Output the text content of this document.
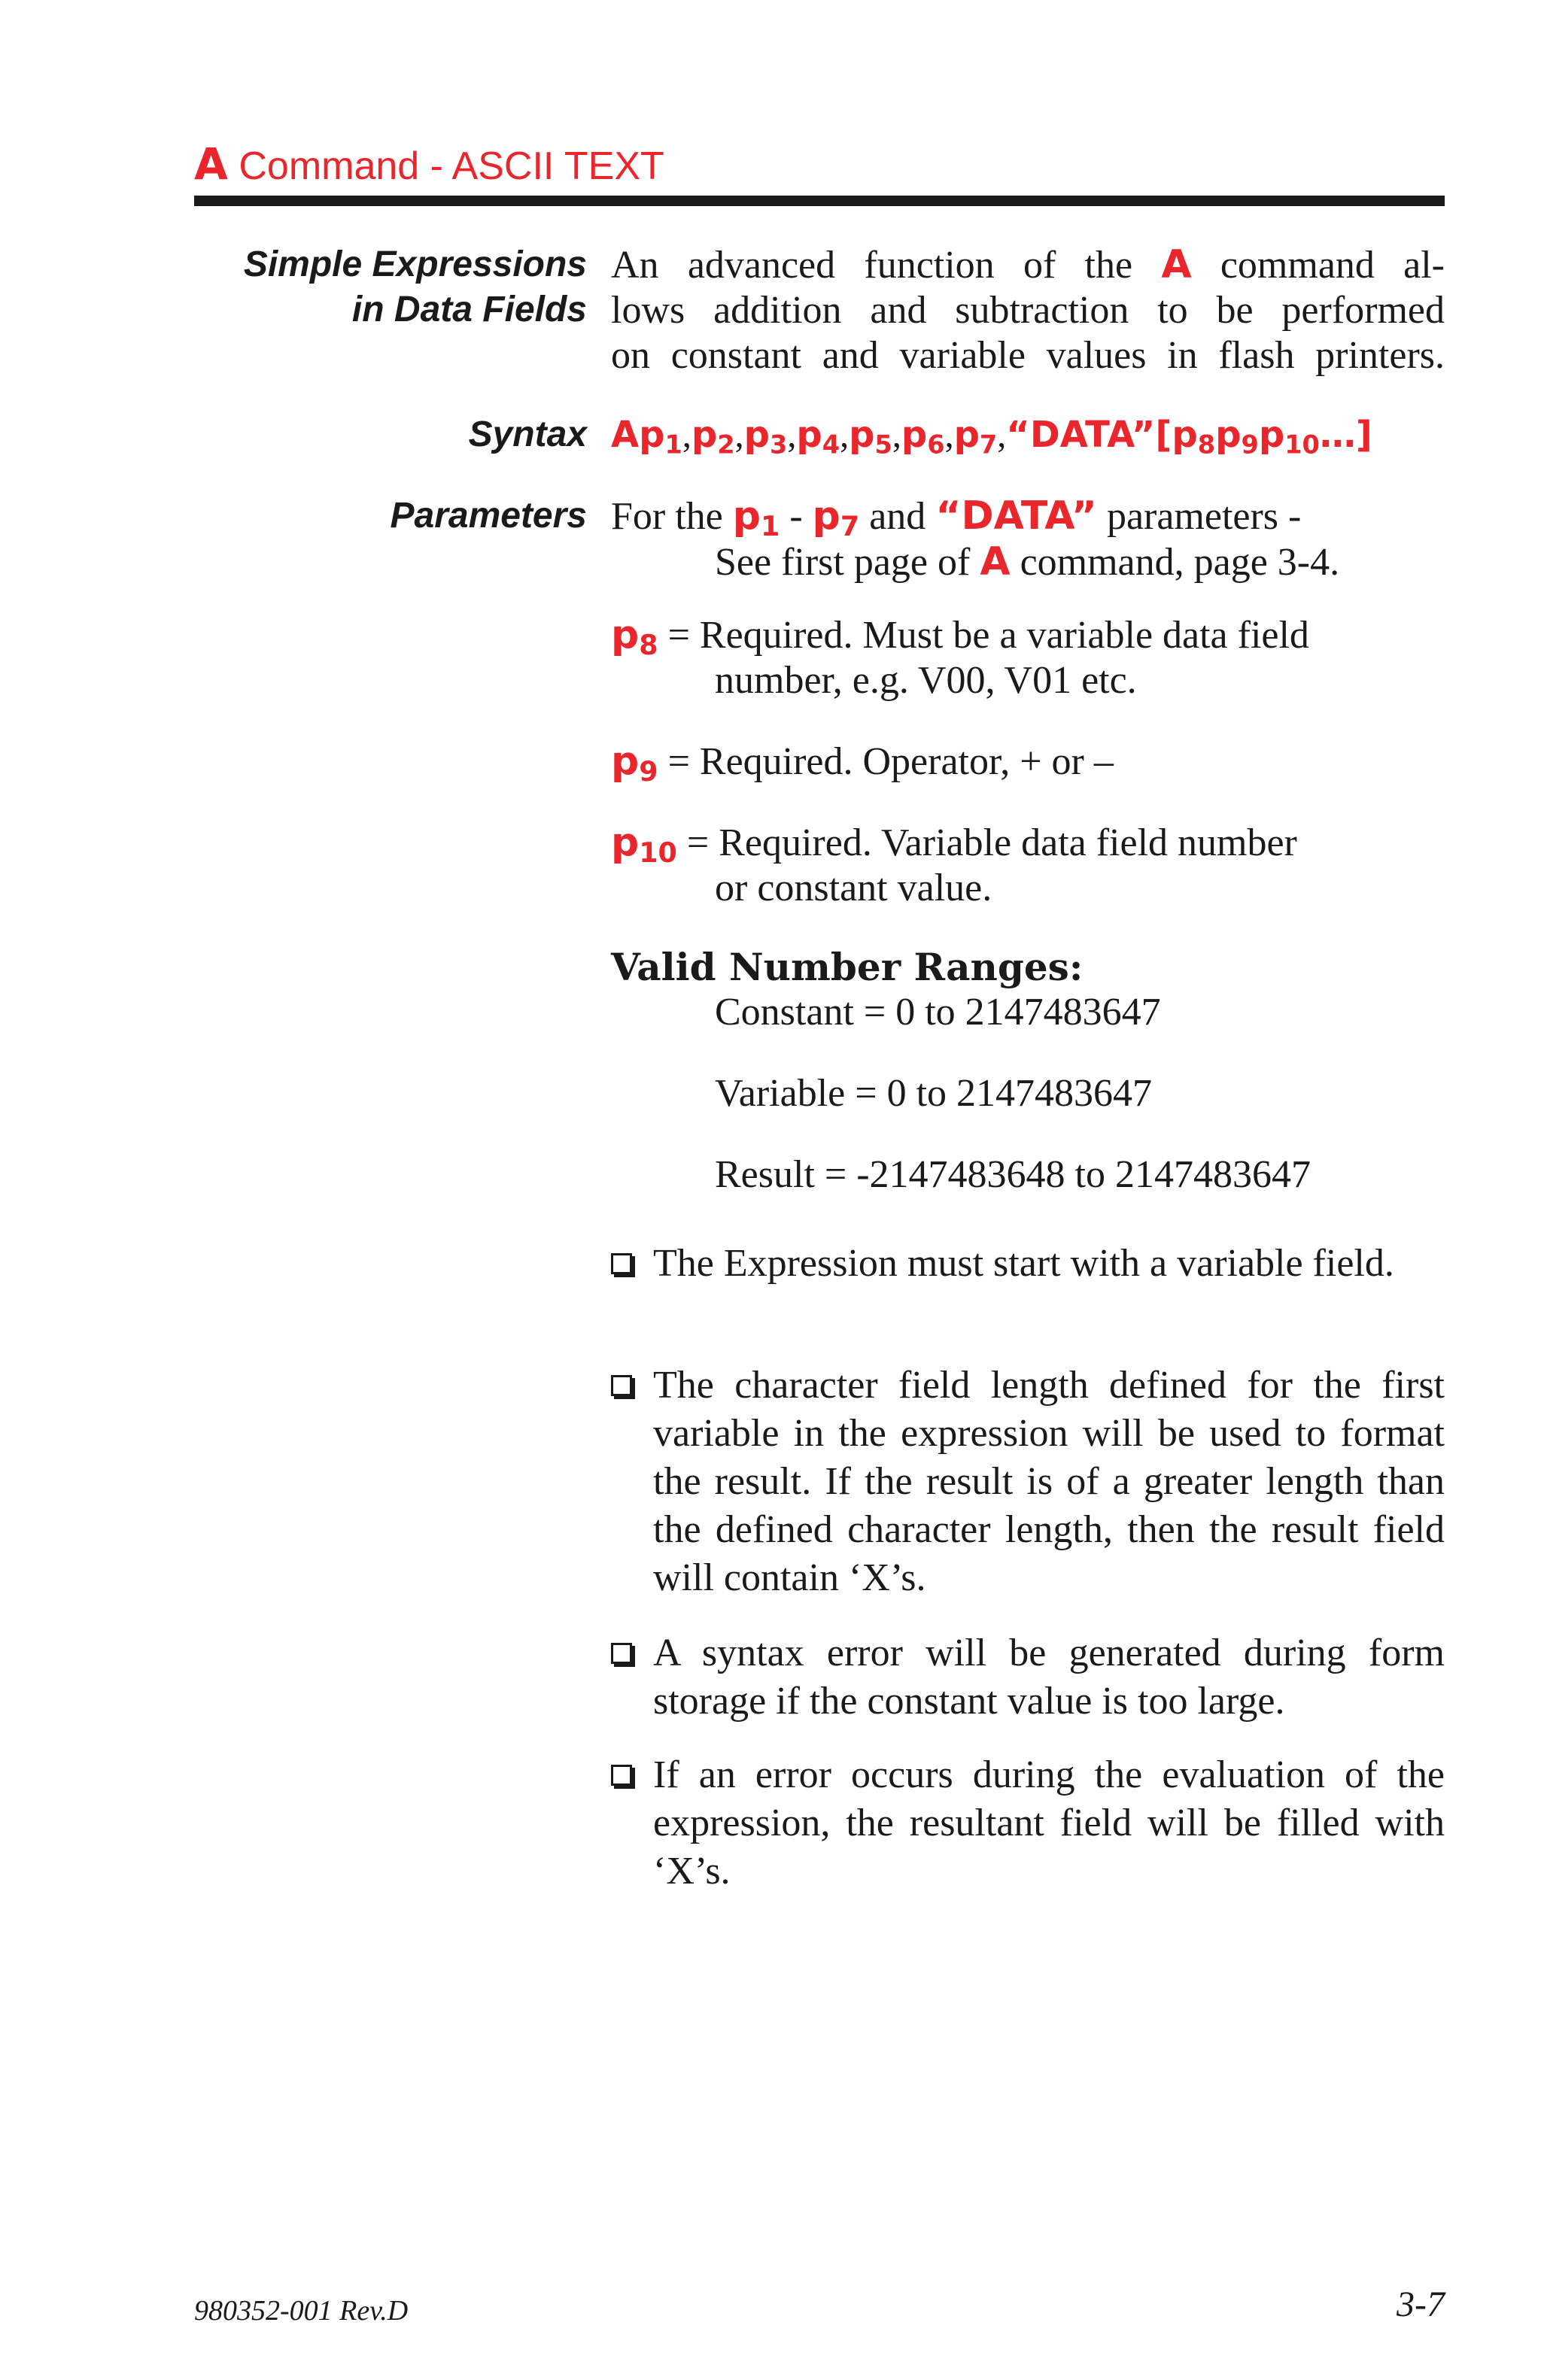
A Command - ASCII TEXT
Simple Expressions
in Data Fields
An advanced function of the A command al-
lows addition and subtraction to be performed
on constant and variable values in flash printers.
Syntax $Ap_1,p_2,p_3,p_4,p_5,p_6,p_7,“DATA”[p_8p_9p_{10}\dots]$
Parameters For the $p_1 - p_7$ and “DATA” parameters -
See first page of A command, page 3-4.
$p_8$ = Required. Must be a variable data field
number, e.g. V00, V01 etc.
$p_9$ = Required. Operator, + or –
$p_{10}$ = Required. Variable data field number
or constant value.
Valid Number Ranges:
Constant = 0 to 2147483647
Variable = 0 to 2147483647
Result = -2147483648 to 2147483647
The Expression must start with a variable field.
The character field length defined for the first variable in the expression will be used to format the result. If the result is of a greater length than the defined character length, then the result field will contain ‘X’s.
A syntax error will be generated during form storage if the constant value is too large.
If an error occurs during the evaluation of the expression, the resultant field will be filled with ‘X’s.
980352-001 Rev.D	3-7
